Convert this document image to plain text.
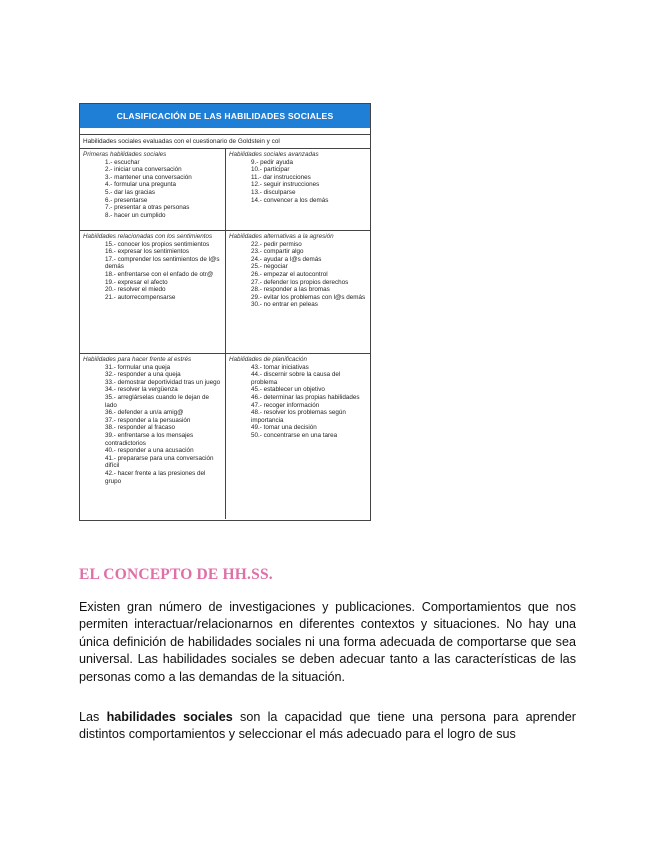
CLASIFICACIÓN DE LAS HABILIDADES SOCIALES
Habilidades sociales evaluadas con el cuestionario de Goldstein y col
Primeras habilidades sociales
1.- escuchar
2.- iniciar una conversación
3.- mantener una conversación
4.- formular una pregunta
5.- dar las gracias
6.- presentarse
7.- presentar a otras personas
8.- hacer un cumplido
Habilidades sociales avanzadas
9.- pedir ayuda
10.- participar
11.- dar instrucciones
12.- seguir instrucciones
13.- disculparse
14.- convencer a los demás
Habilidades relacionadas con los sentimientos
15.- conocer los propios sentimientos
16.- expresar los sentimientos
17.- comprender los sentimientos de l@s demás
18.- enfrentarse con el enfado de otr@
19.- expresar el afecto
20.- resolver el miedo
21.- autorrecompensarse
Habilidades alternativas a la agresión
22.- pedir permiso
23.- compartir algo
24.- ayudar a l@s demás
25.- negociar
26.- empezar el autocontrol
27.- defender los propios derechos
28.- responder a las bromas
29.- evitar los problemas con l@s demás
30.- no entrar en peleas
Habilidades para hacer frente al estrés
31.- formular una queja
32.- responder a una queja
33.- demostrar deportividad tras un juego
34.- resolver la vergüenza
35.- arreglárselas cuando le dejan de lado
36.- defender a un/a amig@
37.- responder a la persuasión
38.- responder al fracaso
39.- enfrentarse a los mensajes contradictorios
40.- responder a una acusación
41.- prepararse para una conversación difícil
42.- hacer frente a las presiones del grupo
Habilidades de planificación
43.- tomar iniciativas
44.- discernir sobre la causa del problema
45.- establecer un objetivo
46.- determinar las propias habilidades
47.- recoger información
48.- resolver los problemas según importancia
49.- tomar una decisión
50.- concentrarse en una tarea
EL CONCEPTO DE HH.SS.

Existen gran número de investigaciones y publicaciones. Comportamientos que nos permiten interactuar/relacionarnos en diferentes contextos y situaciones. No hay una única definición de habilidades sociales ni una forma adecuada de comportarse que sea universal. Las habilidades sociales se deben adecuar tanto a las características de las personas como a las demandas de la situación.

Las habilidades sociales son la capacidad que tiene una persona para aprender distintos comportamientos y seleccionar el más adecuado para el logro de sus
